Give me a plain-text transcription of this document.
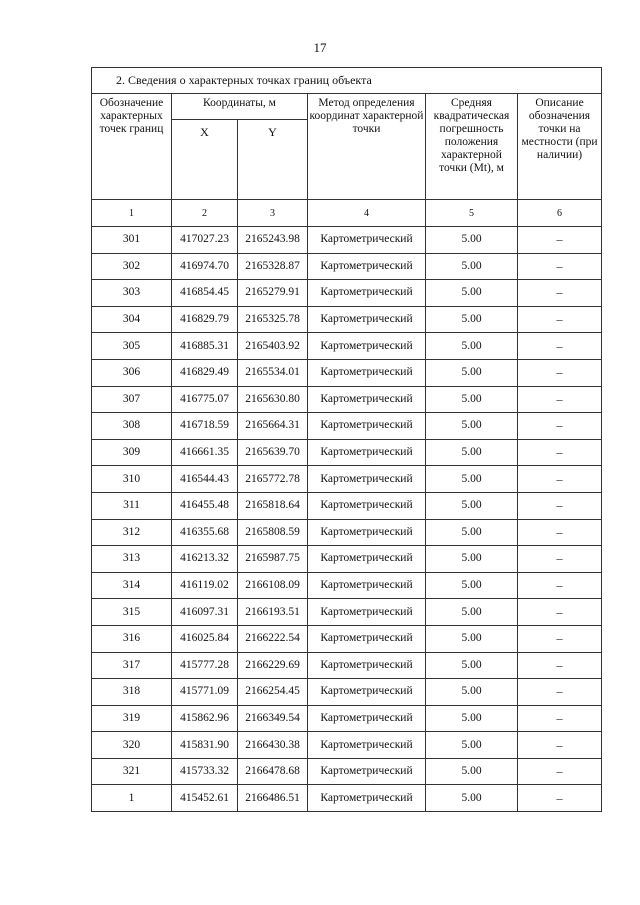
17
2. Сведения о характерных точках границ объекта					
Обозначение характерных точек границ	Координаты, м		Метод определения координат характерной точки	Средняя квадратическая погрешность положения характерной точки (Mt), м	Описание обозначения точки на местности (при наличии)
	X	Y			
1	2	3	4	5	6
301	417027.23	2165243.98	Картометрический	5.00	–
302	416974.70	2165328.87	Картометрический	5.00	–
303	416854.45	2165279.91	Картометрический	5.00	–
304	416829.79	2165325.78	Картометрический	5.00	–
305	416885.31	2165403.92	Картометрический	5.00	–
306	416829.49	2165534.01	Картометрический	5.00	–
307	416775.07	2165630.80	Картометрический	5.00	–
308	416718.59	2165664.31	Картометрический	5.00	–
309	416661.35	2165639.70	Картометрический	5.00	–
310	416544.43	2165772.78	Картометрический	5.00	–
311	416455.48	2165818.64	Картометрический	5.00	–
312	416355.68	2165808.59	Картометрический	5.00	–
313	416213.32	2165987.75	Картометрический	5.00	–
314	416119.02	2166108.09	Картометрический	5.00	–
315	416097.31	2166193.51	Картометрический	5.00	–
316	416025.84	2166222.54	Картометрический	5.00	–
317	415777.28	2166229.69	Картометрический	5.00	–
318	415771.09	2166254.45	Картометрический	5.00	–
319	415862.96	2166349.54	Картометрический	5.00	–
320	415831.90	2166430.38	Картометрический	5.00	–
321	415733.32	2166478.68	Картометрический	5.00	–
1	415452.61	2166486.51	Картометрический	5.00	–
